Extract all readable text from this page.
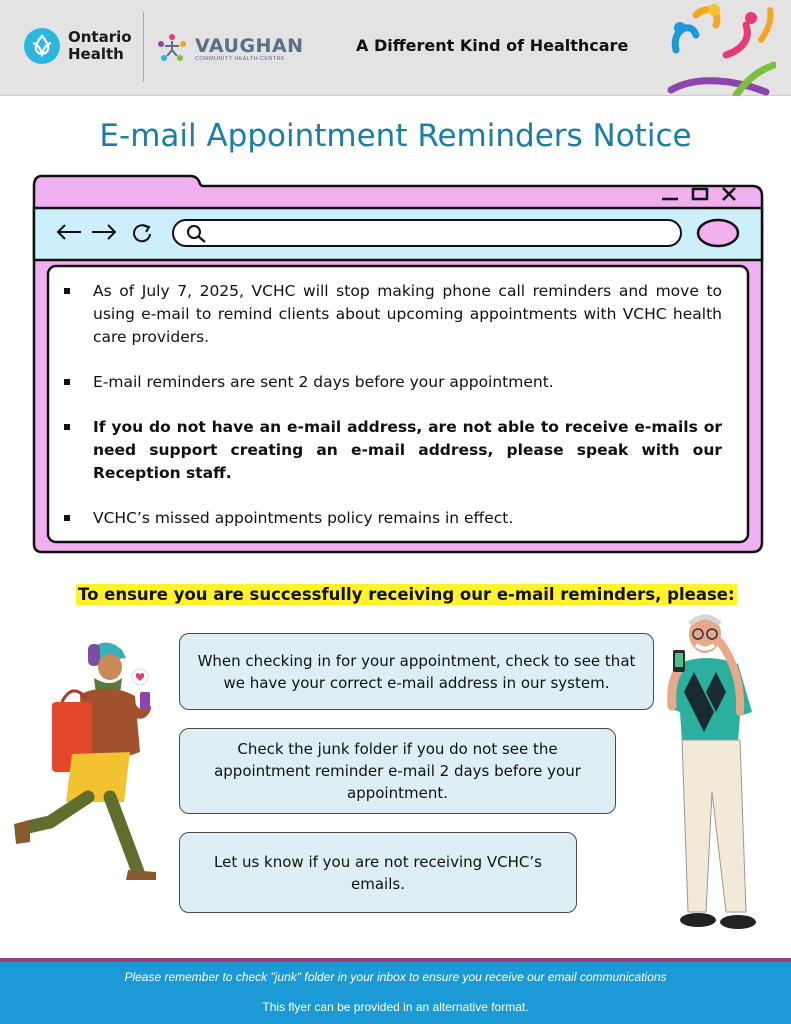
Ontario
Health	VAUGHAN
COMMUNITY HEALTH CENTRE
A Different Kind of Healthcare
E-mail Appointment Reminders Notice
As of July 7, 2025, VCHC will stop making phone call reminders and move to using e-mail to remind clients about upcoming appointments with VCHC health care providers.
E-mail reminders are sent 2 days before your appointment.
If you do not have an e-mail address, are not able to receive e-mails or need support creating an e-mail address, please speak with our Reception staff.
VCHC’s missed appointments policy remains in effect.
To ensure you are successfully receiving our e-mail reminders, please:
When checking in for your appointment, check to see that we have your correct e-mail address in our system.
Check the junk folder if you do not see the appointment reminder e-mail 2 days before your appointment.
Let us know if you are not receiving VCHC’s emails.
Please remember to check "junk" folder in your inbox to ensure you receive our email communications
This flyer can be provided in an alternative format.
